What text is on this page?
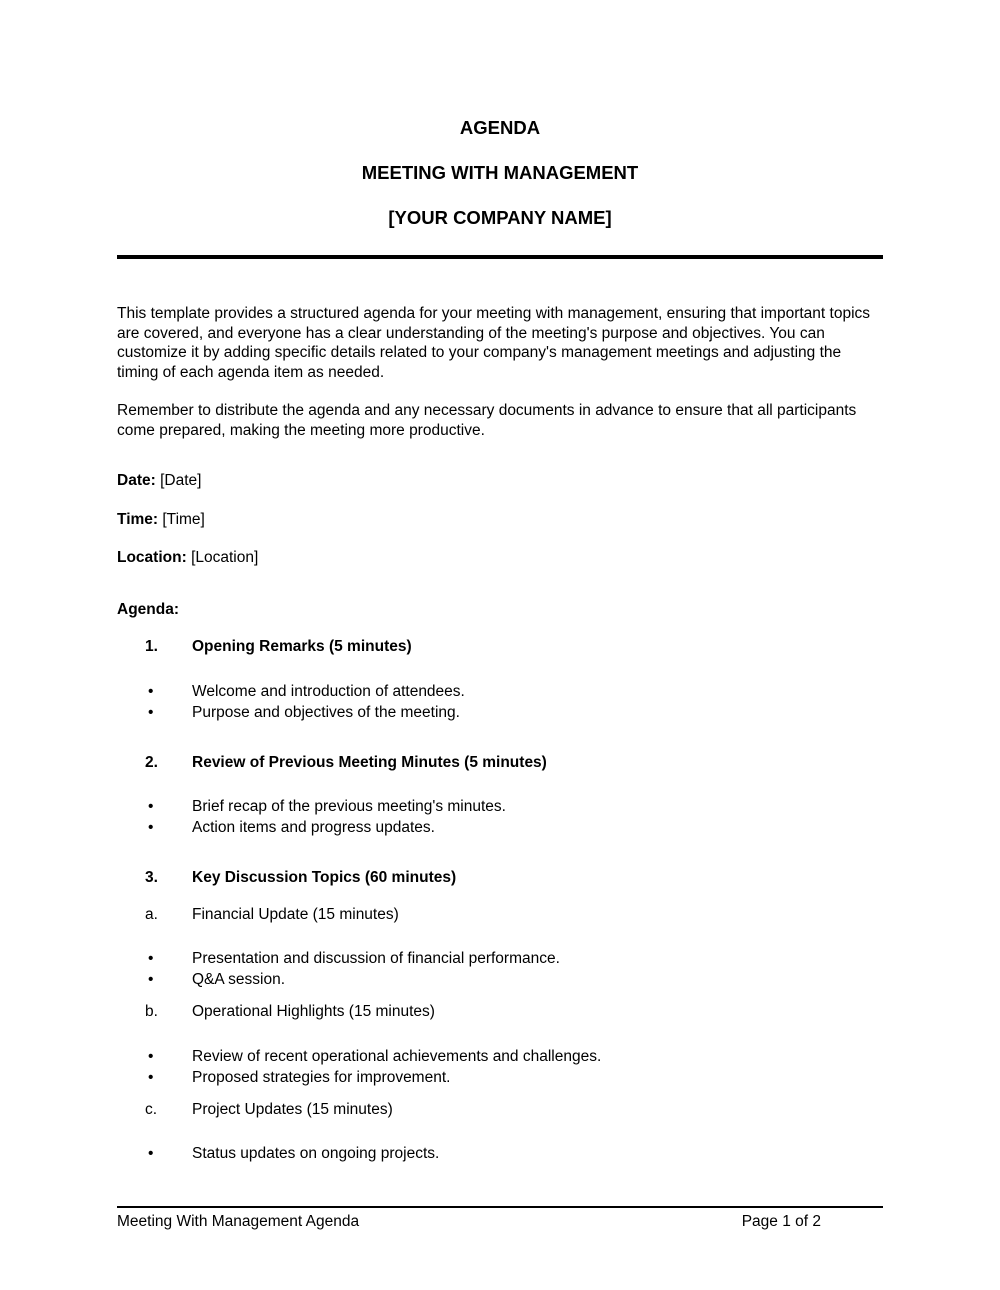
AGENDA
MEETING WITH MANAGEMENT
[YOUR COMPANY NAME]

This template provides a structured agenda for your meeting with management, ensuring that important topics are covered, and everyone has a clear understanding of the meeting's purpose and objectives. You can customize it by adding specific details related to your company's management meetings and adjusting the timing of each agenda item as needed.

Remember to distribute the agenda and any necessary documents in advance to ensure that all participants come prepared, making the meeting more productive.

Date: [Date]
Time: [Time]
Location: [Location]
Agenda:
1.	Opening Remarks (5 minutes)
•	Welcome and introduction of attendees.
•	Purpose and objectives of the meeting.
2.	Review of Previous Meeting Minutes (5 minutes)
•	Brief recap of the previous meeting's minutes.
•	Action items and progress updates.
3.	Key Discussion Topics (60 minutes)
a.	Financial Update (15 minutes)
•	Presentation and discussion of financial performance.
•	Q&A session.
b.	Operational Highlights (15 minutes)
•	Review of recent operational achievements and challenges.
•	Proposed strategies for improvement.
c.	Project Updates (15 minutes)
•	Status updates on ongoing projects.
Meeting With Management Agenda	Page 1 of 2
